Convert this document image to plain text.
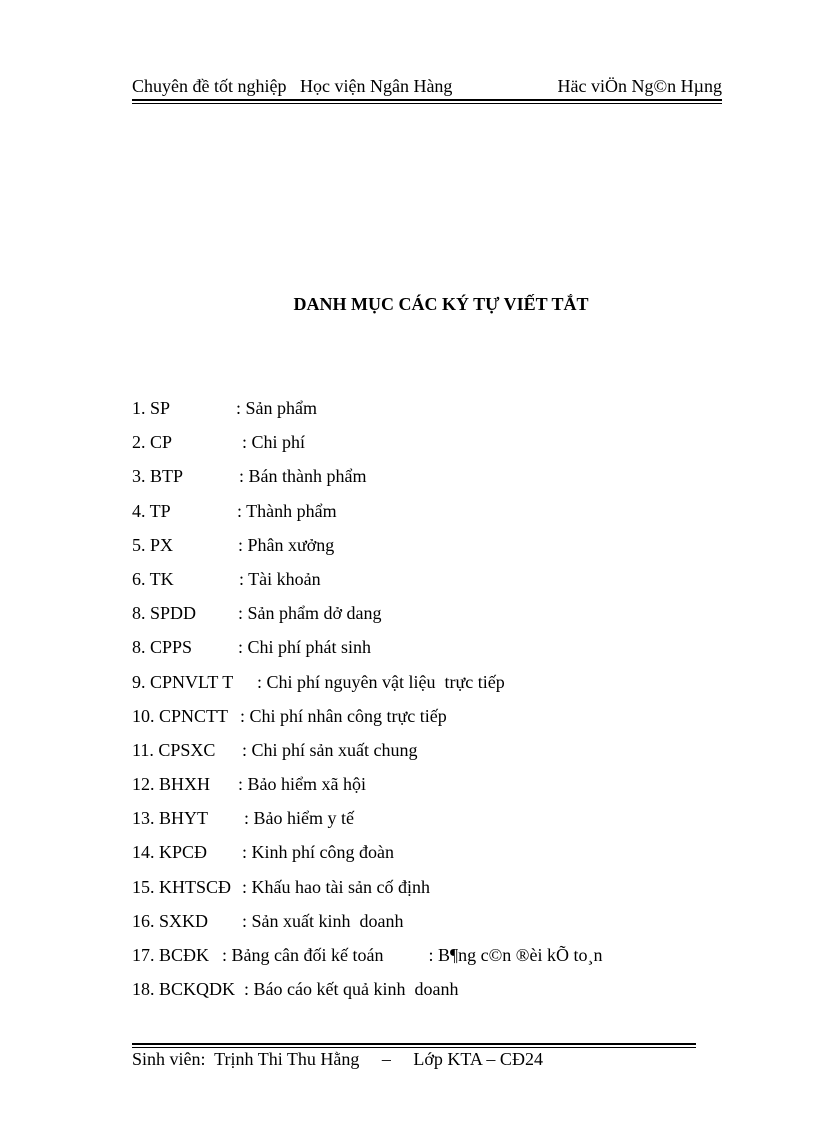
Chuyên đề tốt nghiệp   Học viện Ngân Hàng	Häc viÖn Ng©n Hµng
DANH MỤC CÁC KÝ TỰ VIẾT TẮT
1. SP	: Sản phẩm
2. CP	: Chi phí
3. BTP	: Bán thành phẩm
4. TP	: Thành phẩm
5. PX	: Phân xưởng
6. TK	: Tài khoản
8. SPDD : Sản phẩm dở dang
8. CPPS	: Chi phí phát sinh
9. CPNVLT T : Chi phí nguyên vật liệu  trực tiếp
10. CPNCTT : Chi phí nhân công trực tiếp
11. CPSXC : Chi phí sản xuất chung
12. BHXH : Bảo hiểm xã hội
13. BHYT : Bảo hiểm y tế
14. KPCĐ : Kinh phí công đoàn
15. KHTSCĐ : Khấu hao tài sản cố định
16. SXKD : Sản xuất kinh  doanh
17. BCĐK : Bảng cân đối kế toán          : B¶ng c©n ®èi kÕ to¸n
18. BCKQDK : Báo cáo kết quả kinh  doanh
Sinh viên:  Trịnh Thi Thu Hằng     –     Lớp KTA – CĐ24
